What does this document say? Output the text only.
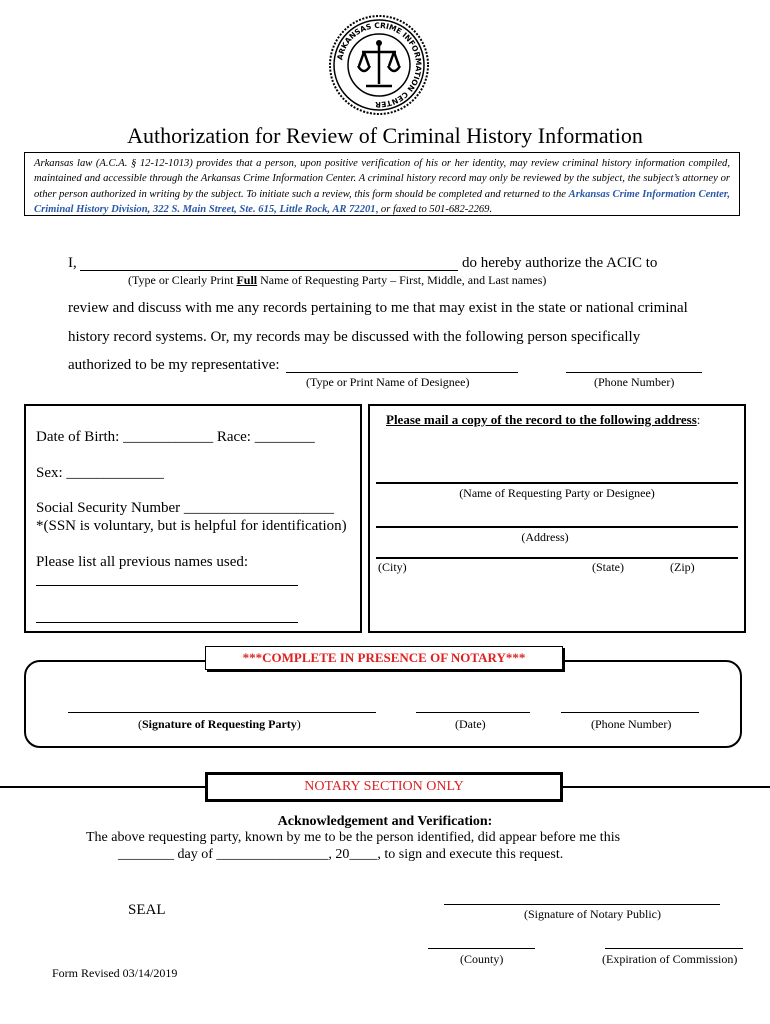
ARKANSAS CRIME INFORMATION CENTER
Authorization for Review of Criminal History Information
Arkansas law (A.C.A. § 12-12-1013) provides that a person, upon positive verification of his or her identity, may review criminal history information compiled, maintained and accessible through the Arkansas Crime Information Center. A criminal history record may only be reviewed by the subject, the subject’s attorney or other person authorized in writing by the subject. To initiate such a review, this form should be completed and returned to the Arkansas Crime Information Center, Criminal History Division, 322 S. Main Street, Ste. 615, Little Rock, AR 72201, or faxed to 501-682-2269.
I,	do hereby authorize the ACIC to
(Type or Clearly Print Full Name of Requesting Party – First, Middle, and Last names)
review and discuss with me any records pertaining to me that may exist in the state or national criminal
history record systems. Or, my records may be discussed with the following person specifically
authorized to be my representative:
(Type or Print Name of Designee)	(Phone Number)
Date of Birth: ____________ Race: ________
Sex: _____________
Social Security Number ____________________
*(SSN is voluntary, but is helpful for identification)
Please list all previous names used:
Please mail a copy of the record to the following address:
(Name of Requesting Party or Designee)
(Address)
(City)	(State)	(Zip)
***COMPLETE IN PRESENCE OF NOTARY***
(Signature of Requesting Party)	(Date)	(Phone Number)
NOTARY SECTION ONLY
Acknowledgement and Verification:
The above requesting party, known by me to be the person identified, did appear before me this
________ day of ________________, 20____, to sign and execute this request.
SEAL	(Signature of Notary Public)
(County)	(Expiration of Commission)
Form Revised 03/14/2019
